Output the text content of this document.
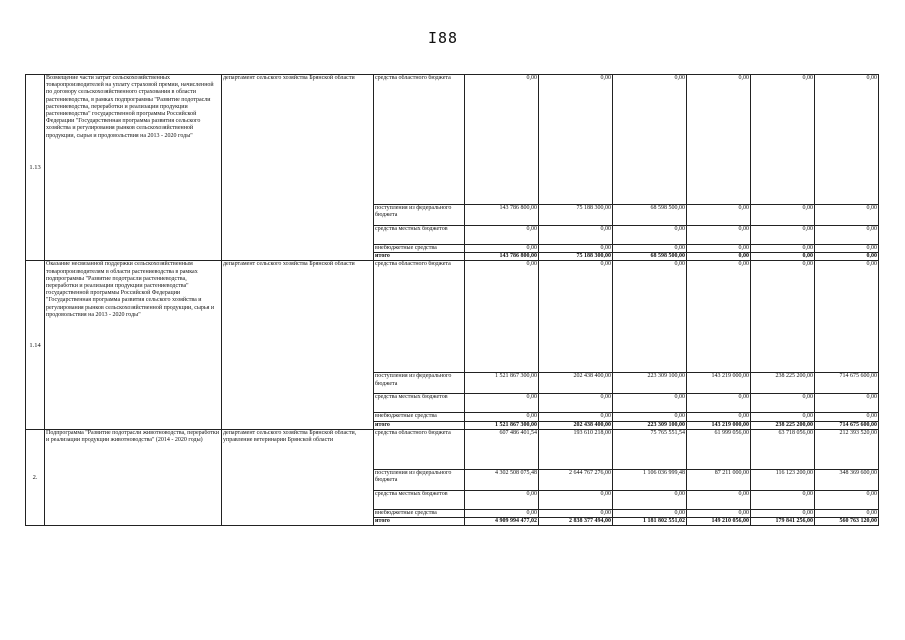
I88
1.13	Возмещение части затрат сельскохозяйственных товаропроизводителей на уплату страховой премии, начисленной по договору сельскохозяйственного страхования в области растениеводства, в рамках подпрограммы "Развитие подотрасли растениеводства, переработки и реализации продукции растениеводства" государственной программы Российской Федерации "Государственная программа развития сельского хозяйства и регулирования рынков сельскохозяйственной продукции, сырья и продовольствия на 2013 - 2020 годы"	департамент сельского хозяйства Брянской области	средства областного бюджета	0,00	0,00	0,00	0,00	0,00	0,00
			поступления из федерального бюджета	143 786 800,00	75 188 300,00	68 598 500,00	0,00	0,00	0,00
			средства местных бюджетов	0,00	0,00	0,00	0,00	0,00	0,00
			внебюджетные средства	0,00	0,00	0,00	0,00	0,00	0,00
			итого	143 786 800,00	75 188 300,00	68 598 500,00	0,00	0,00	0,00
1.14	Оказание несвязанной поддержки сельскохозяйственным товаропроизводителям в области растениеводства в рамках подпрограммы "Развитие подотрасли растениеводства, переработки и реализации продукции растениеводства" государственной программы Российской Федерации "Государственная программа развития сельского хозяйства и регулирования рынков сельскохозяйственной продукции, сырья и продовольствия на 2013 - 2020 годы"	департамент сельского хозяйства Брянской области	средства областного бюджета	0,00	0,00	0,00	0,00	0,00	0,00
			поступления из федерального бюджета	1 521 867 300,00	202 438 400,00	223 309 100,00	143 219 000,00	238 225 200,00	714 675 600,00
			средства местных бюджетов	0,00	0,00	0,00	0,00	0,00	0,00
			внебюджетные средства	0,00	0,00	0,00	0,00	0,00	0,00
			итого	1 521 867 300,00	202 438 400,00	223 309 100,00	143 219 000,00	238 225 200,00	714 675 600,00
2.	Подпрограмма "Развитие подотрасли животноводства, переработки и реализации продукции животноводства" (2014 - 2020 годы)	департамент сельского хозяйства Брянской области, управление ветеринарии Брянской области	средства областного бюджета	607 486 401,54	193 610 218,00	75 765 551,54	61 999 056,00	63 718 056,00	212 393 520,00
			поступления из федерального бюджета	4 302 508 075,48	2 644 767 276,00	1 106 036 999,48	87 211 000,00	116 123 200,00	348 369 600,00
			средства местных бюджетов	0,00	0,00	0,00	0,00	0,00	0,00
			внебюджетные средства	0,00	0,00	0,00	0,00	0,00	0,00
			итого	4 909 994 477,02	2 838 377 494,00	1 181 802 551,02	149 210 056,00	179 841 256,00	560 763 120,00
